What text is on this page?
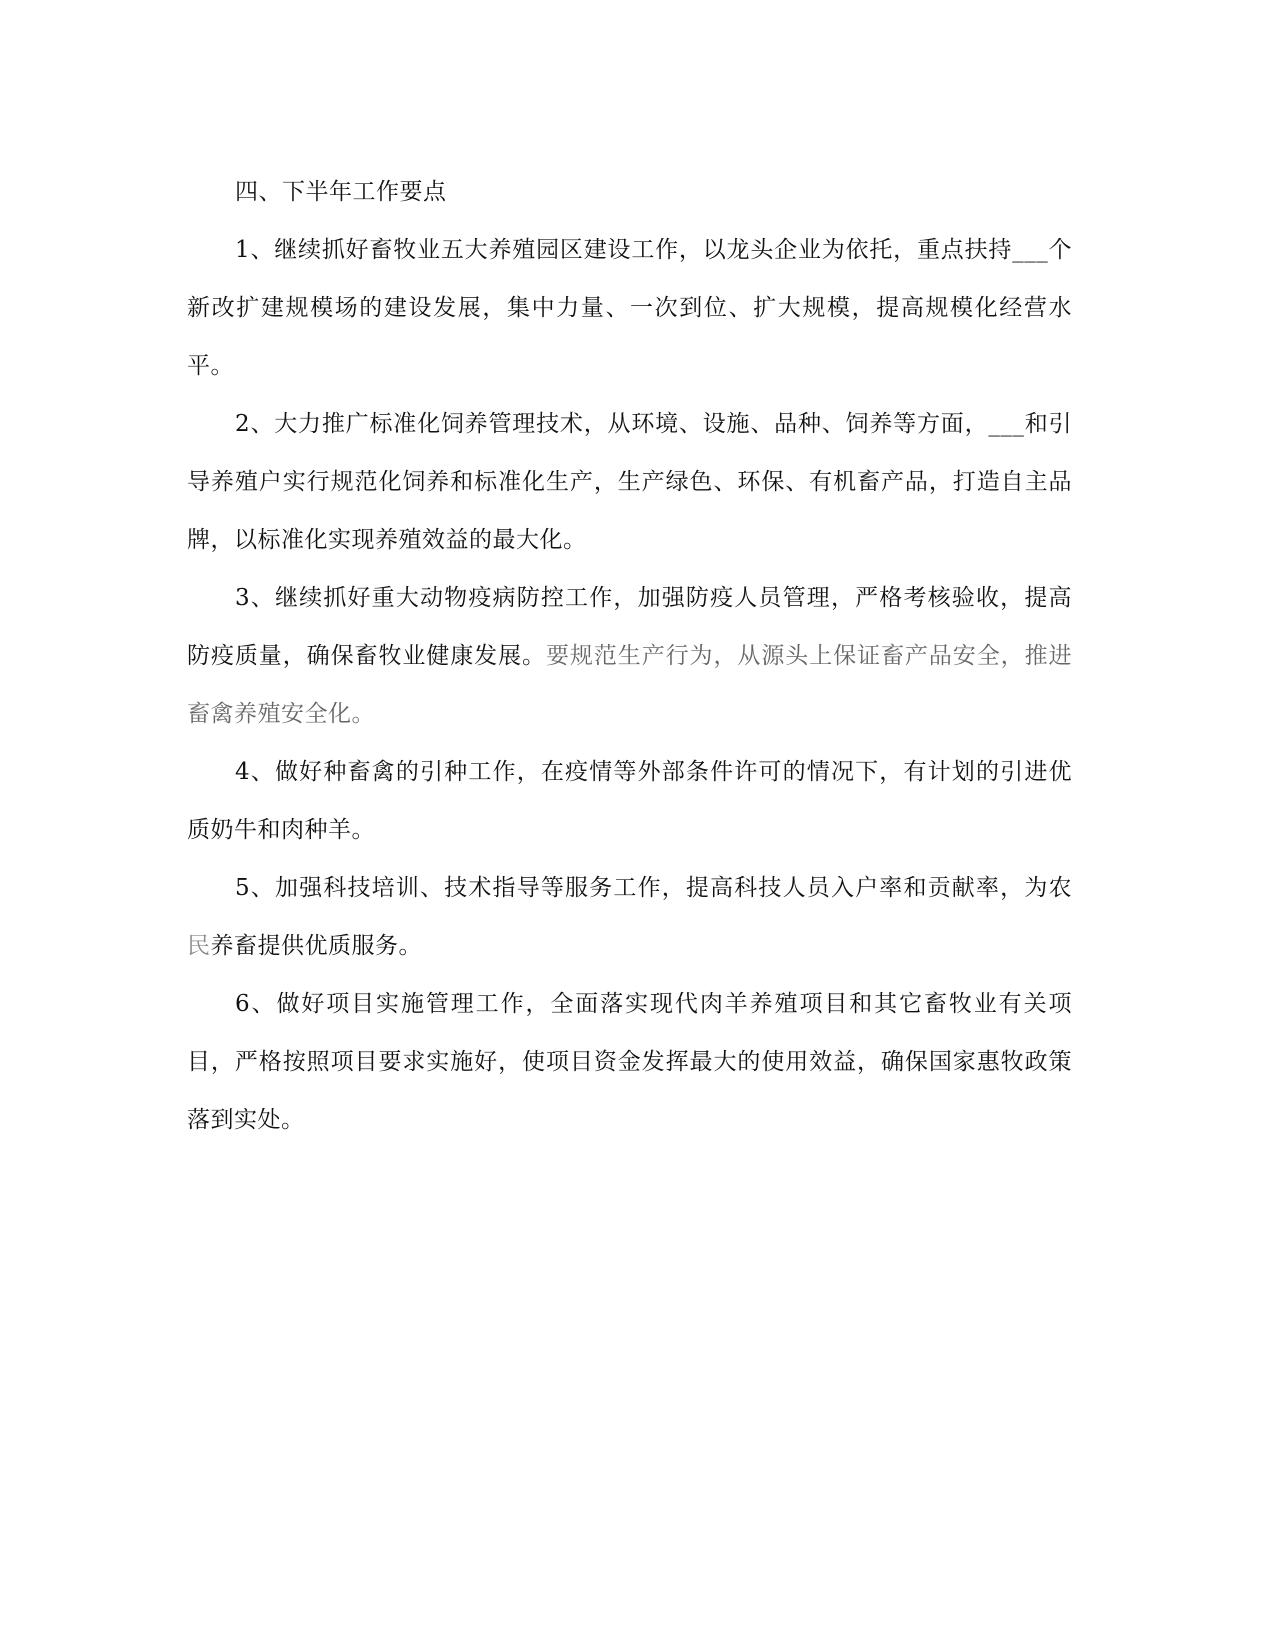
四、下半年工作要点

1、继续抓好畜牧业五大养殖园区建设工作，以龙头企业为依托，重点扶持___个新改扩建规模场的建设发展，集中力量、一次到位、扩大规模，提高规模化经营水平。

2、大力推广标准化饲养管理技术，从环境、设施、品种、饲养等方面，___和引导养殖户实行规范化饲养和标准化生产，生产绿色、环保、有机畜产品，打造自主品牌，以标准化实现养殖效益的最大化。

3、继续抓好重大动物疫病防控工作，加强防疫人员管理，严格考核验收，提高防疫质量，确保畜牧业健康发展。要规范生产行为，从源头上保证畜产品安全，推进畜禽养殖安全化。

4、做好种畜禽的引种工作，在疫情等外部条件许可的情况下，有计划的引进优质奶牛和肉种羊。

5、加强科技培训、技术指导等服务工作，提高科技人员入户率和贡献率，为农民养畜提供优质服务。

6、做好项目实施管理工作，全面落实现代肉羊养殖项目和其它畜牧业有关项目，严格按照项目要求实施好，使项目资金发挥最大的使用效益，确保国家惠牧政策落到实处。
